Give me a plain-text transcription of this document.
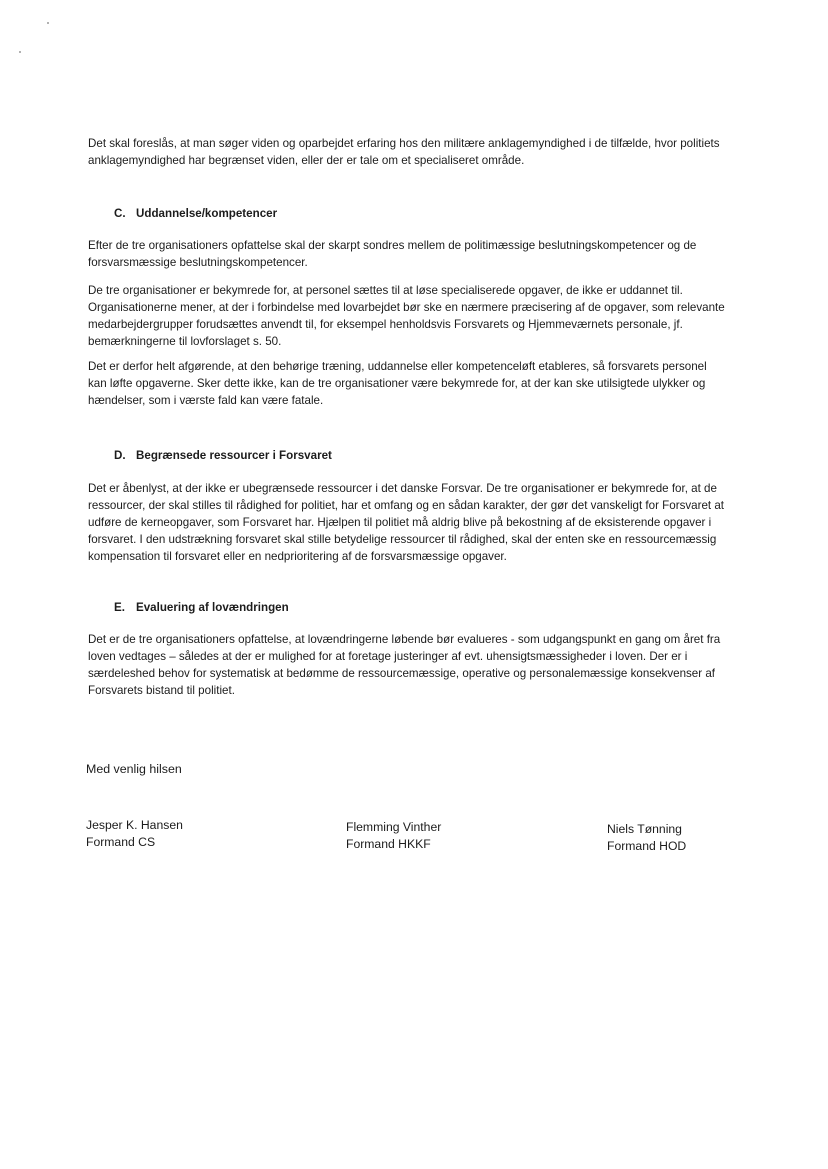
Det skal foreslås, at man søger viden og oparbejdet erfaring hos den militære anklagemyndighed i de tilfælde, hvor politiets anklagemyndighed har begrænset viden, eller der er tale om et specialiseret område.

C. Uddannelse/kompetencer

Efter de tre organisationers opfattelse skal der skarpt sondres mellem de politimæssige beslutningskompetencer og de forsvarsmæssige beslutningskompetencer.

De tre organisationer er bekymrede for, at personel sættes til at løse specialiserede opgaver, de ikke er uddannet til. Organisationerne mener, at der i forbindelse med lovarbejdet bør ske en nærmere præcisering af de opgaver, som relevante medarbejdergrupper forudsættes anvendt til, for eksempel henholdsvis Forsvarets og Hjemmeværnets personale, jf. bemærkningerne til lovforslaget s. 50.

Det er derfor helt afgørende, at den behørige træning, uddannelse eller kompetenceløft etableres, så forsvarets personel kan løfte opgaverne. Sker dette ikke, kan de tre organisationer være bekymrede for, at der kan ske utilsigtede ulykker og hændelser, som i værste fald kan være fatale.

D. Begrænsede ressourcer i Forsvaret

Det er åbenlyst, at der ikke er ubegrænsede ressourcer i det danske Forsvar. De tre organisationer er bekymrede for, at de ressourcer, der skal stilles til rådighed for politiet, har et omfang og en sådan karakter, der gør det vanskeligt for Forsvaret at udføre de kerneopgaver, som Forsvaret har. Hjælpen til politiet må aldrig blive på bekostning af de eksisterende opgaver i forsvaret. I den udstrækning forsvaret skal stille betydelige ressourcer til rådighed, skal der enten ske en ressourcemæssig kompensation til forsvaret eller en nedprioritering af de forsvarsmæssige opgaver.

E. Evaluering af lovændringen

Det er de tre organisationers opfattelse, at lovændringerne løbende bør evalueres - som udgangspunkt en gang om året fra loven vedtages – således at der er mulighed for at foretage justeringer af evt. uhensigtsmæssigheder i loven. Der er i særdeleshed behov for systematisk at bedømme de ressourcemæssige, operative og personalemæssige konsekvenser af Forsvarets bistand til politiet.

Med venlig hilsen

Jesper K. Hansen
Formand CS
Flemming Vinther
Formand HKKF
Niels Tønning
Formand HOD
